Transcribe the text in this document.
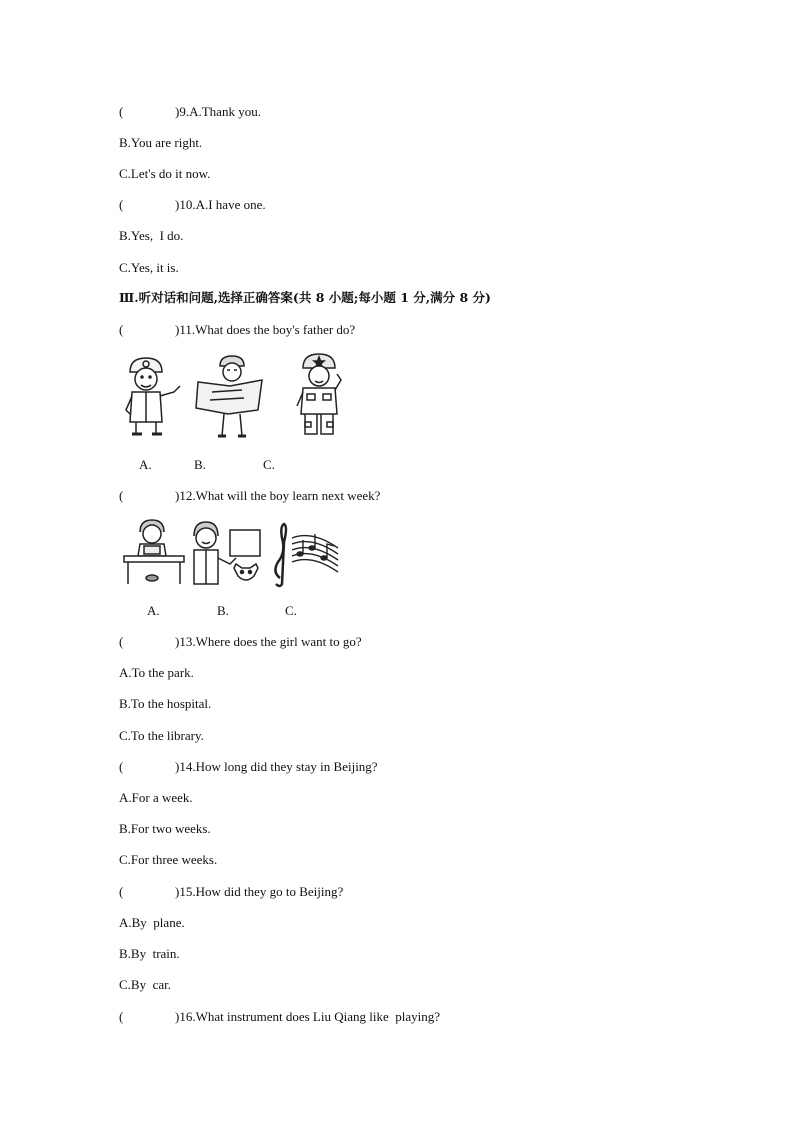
(	)9.A.Thank you.
B.You are right.
C.Let's do it now.
(	)10.A.I have one.
B.Yes,  I do.
C.Yes, it is.
Ⅲ.听对话和问题,选择正确答案(共 8 小题;每小题 1 分,满分 8 分)
(	)11.What does the boy's father do?
A.	B.	C.
(	)12.What will the boy learn next week?
A.	B.	C.
(	)13.Where does the girl want to go?
A.To the park.
B.To the hospital.
C.To the library.
(	)14.How long did they stay in Beijing?
A.For a week.
B.For two weeks.
C.For three weeks.
(	)15.How did they go to Beijing?
A.By  plane.
B.By  train.
C.By  car.
(	)16.What instrument does Liu Qiang like  playing?
